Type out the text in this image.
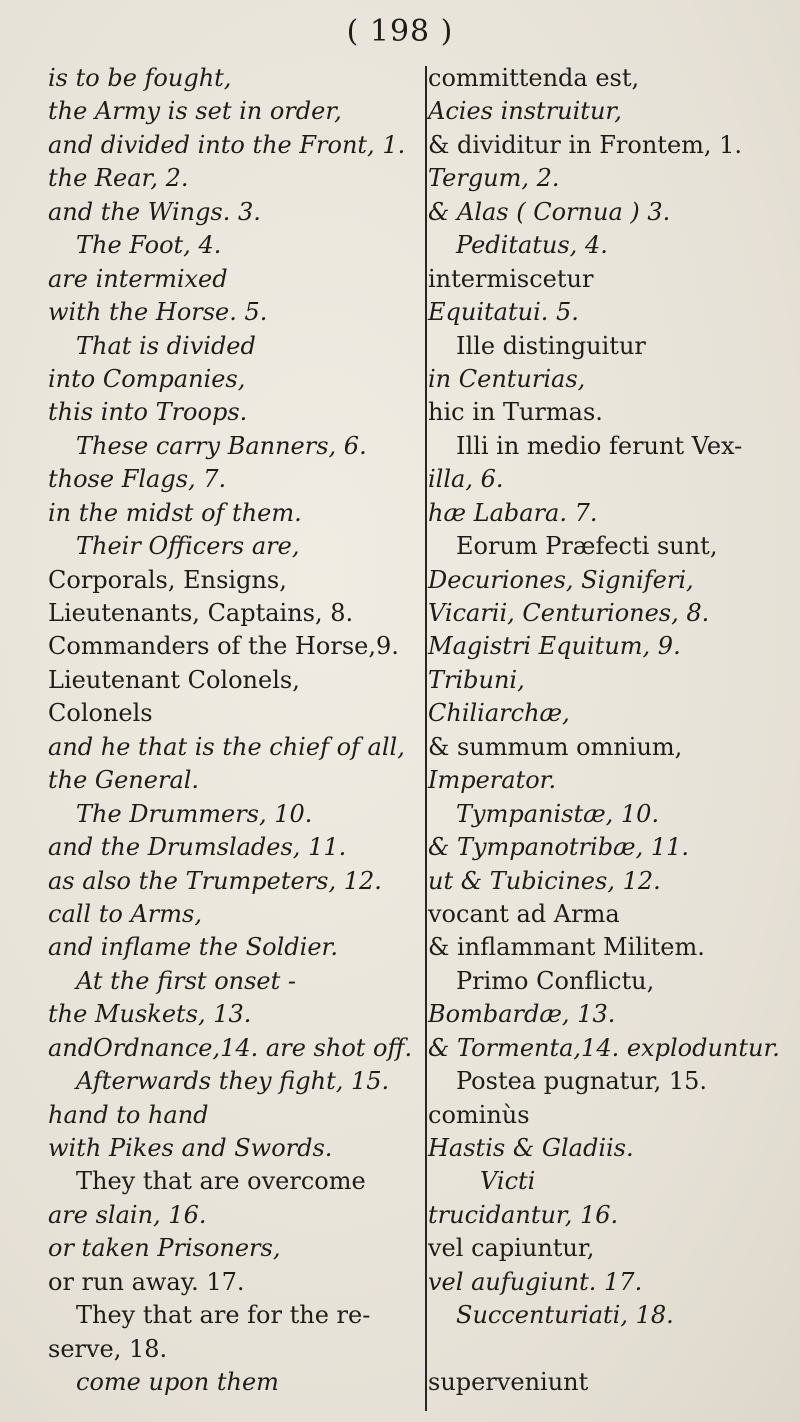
( 198 )
is to be fought,
the Army is set in order,
and divided into the Front, 1.
the Rear, 2.
and the Wings. 3.
The Foot, 4.
are intermixed
with the Horse. 5.
That is divided
into Companies,
this into Troops.
These carry Banners, 6.
those Flags, 7.
in the midst of them.
Their Officers are,
Corporals, Ensigns,
Lieutenants, Captains, 8.
Commanders of the Horse,9.
Lieutenant Colonels,
Colonels
and he that is the chief of all,
the General.
The Drummers, 10.
and the Drumslades, 11.
as also the Trumpeters, 12.
call to Arms,
and inflame the Soldier.
At the first onset -
the Muskets, 13.
andOrdnance,14. are shot off.
Afterwards they fight, 15.
hand to hand
with Pikes and Swords.
They that are overcome
are slain, 16.
or taken Prisoners,
or run away. 17.
They that are for the re-
serve, 18.
come upon them
committenda est,
Acies instruitur,
& dividitur in Frontem, 1.
Tergum, 2.
& Alas ( Cornua ) 3.
Peditatus, 4.
intermiscetur
Equitatui. 5.
Ille distinguitur
in Centurias,
hic in Turmas.
Illi in medio ferunt Vex-
illa, 6.
hæ Labara. 7.
Eorum Præfecti sunt,
Decuriones, Signiferi,
Vicarii, Centuriones, 8.
Magistri Equitum, 9.
Tribuni,
Chiliarchæ,
& summum omnium,
Imperator.
Tympanistæ, 10.
& Tympanotribæ, 11.
ut & Tubicines, 12.
vocant ad Arma
& inflammant Militem.
Primo Conflictu,
Bombardæ, 13.
& Tormenta,14. exploduntur.
Postea pugnatur, 15.
cominùs
Hastis & Gladiis.
Victi
trucidantur, 16.
vel capiuntur,
vel aufugiunt. 17.
Succenturiati, 18.
superveniunt
